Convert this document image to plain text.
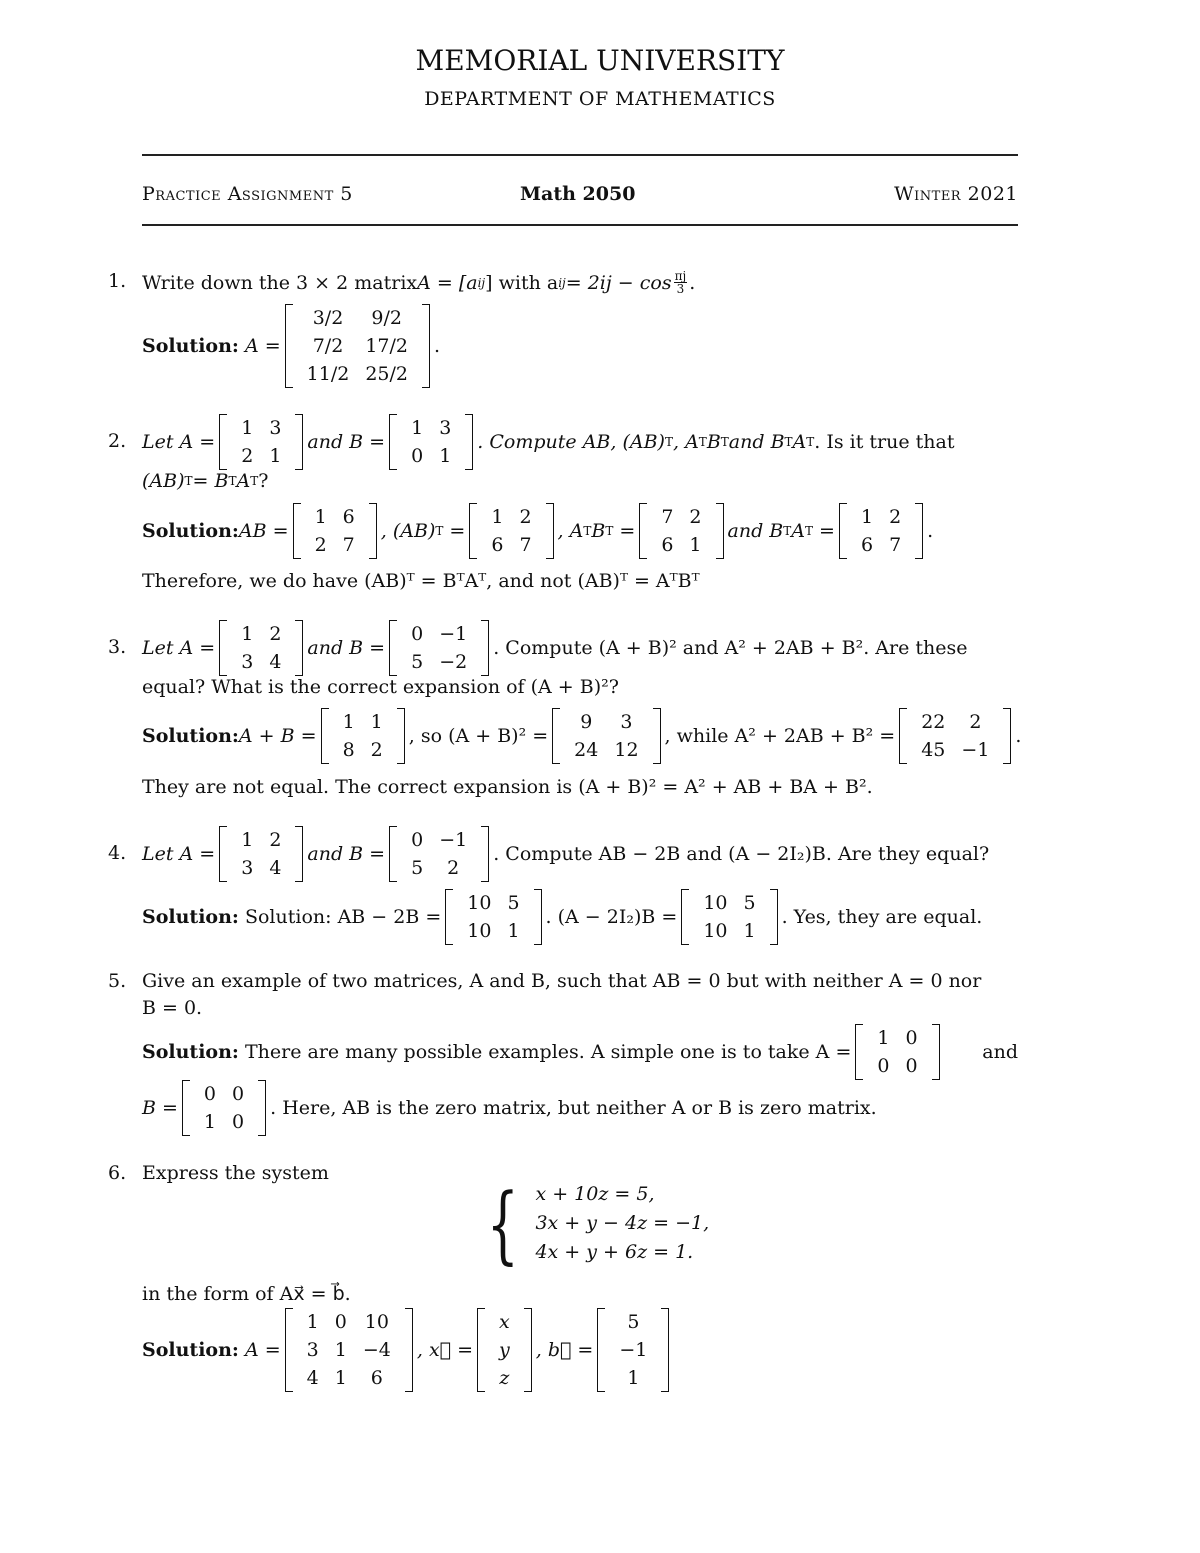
MEMORIAL UNIVERSITY
DEPARTMENT OF MATHEMATICS
Practice Assignment 5	Math 2050	Winter 2021
1. Write down the 3 × 2 matrix A = [a ij ] with a ij = $2ij - \cos \frac{\pi j}{3}$ .
Solution:
A =
3/2	9/2
7/2	17/2
11/2	25/2
.
2. Let A =
1	3
2	1
and B =
1	3
0	1
. Compute AB, (AB) T , A T B T and B T A T . Is it true that
(AB) T = B T A T ?
Solution: AB =
1	6
2	7
, (AB) T =
1	2
6	7
, A T B T =
7	2
6	1
and B T A T =
1	2
6	7
.
Therefore, we do have (AB)ᵀ = BᵀAᵀ, and not (AB)ᵀ = AᵀBᵀ
3. Let A =
1	2
3	4
and B =
0	−1
5	−2
. Compute (A + B)² and A² + 2AB + B². Are these
equal? What is the correct expansion of (A + B)²?
Solution: A + B =
1	1
8	2
, so (A + B)² =
9	3
24	12
, while A² + 2AB + B² =
22	2
45	−1
.
They are not equal. The correct expansion is (A + B)² = A² + AB + BA + B².
4. Let A =
1	2
3	4
and B =
0	−1
5	2
. Compute AB − 2B and (A − 2I₂)B. Are they equal?
Solution:
Solution: AB − 2B =
10	5
10	1
. (A − 2I₂)B =
10	5
10	1
. Yes, they are equal.
5. Give an example of two matrices, A and B, such that AB = 0 but with neither A = 0 nor
B = 0.
Solution:
There are many possible examples. A simple one is to take A =
1	0
0	0
and
B =
0	0
1	0
. Here, AB is the zero matrix, but neither A or B is zero matrix.
6. Express the system
{ x + 10z = 5,
3x + y − 4z = −1,
4x + y + 6z = 1.
in the form of Ax⃗ = b⃗.
Solution:
A =
1	0	10
3	1	−4
4	1	6
, x⃗ =
x
y
z
, b⃗ =
5
−1
1
